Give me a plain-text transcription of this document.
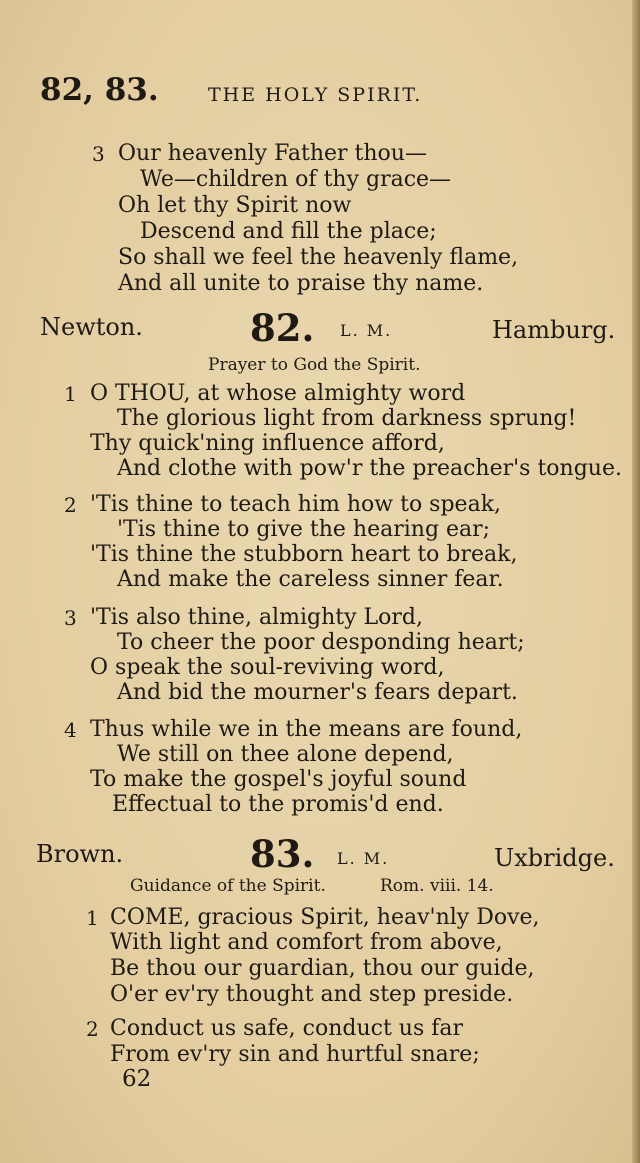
82, 83.	THE HOLY SPIRIT.
3 Our heavenly Father thou—
We—children of thy grace—
Oh let thy Spirit now
Descend and fill the place;
So shall we feel the heavenly flame,
And all unite to praise thy name.
Newton.	82. L. M.	Hamburg.
Prayer to God the Spirit.
1 O THOU, at whose almighty word
The glorious light from darkness sprung!
Thy quick'ning influence afford,
And clothe with pow'r the preacher's tongue.
2 'Tis thine to teach him how to speak,
'Tis thine to give the hearing ear;
'Tis thine the stubborn heart to break,
And make the careless sinner fear.
3 'Tis also thine, almighty Lord,
To cheer the poor desponding heart;
O speak the soul-reviving word,
And bid the mourner's fears depart.
4 Thus while we in the means are found,
We still on thee alone depend,
To make the gospel's joyful sound
Effectual to the promis'd end.
Brown.	83. L. M.	Uxbridge.
Guidance of the Spirit.	Rom. viii. 14.
1 COME, gracious Spirit, heav'nly Dove,
With light and comfort from above,
Be thou our guardian, thou our guide,
O'er ev'ry thought and step preside.
2 Conduct us safe, conduct us far
From ev'ry sin and hurtful snare;
62
